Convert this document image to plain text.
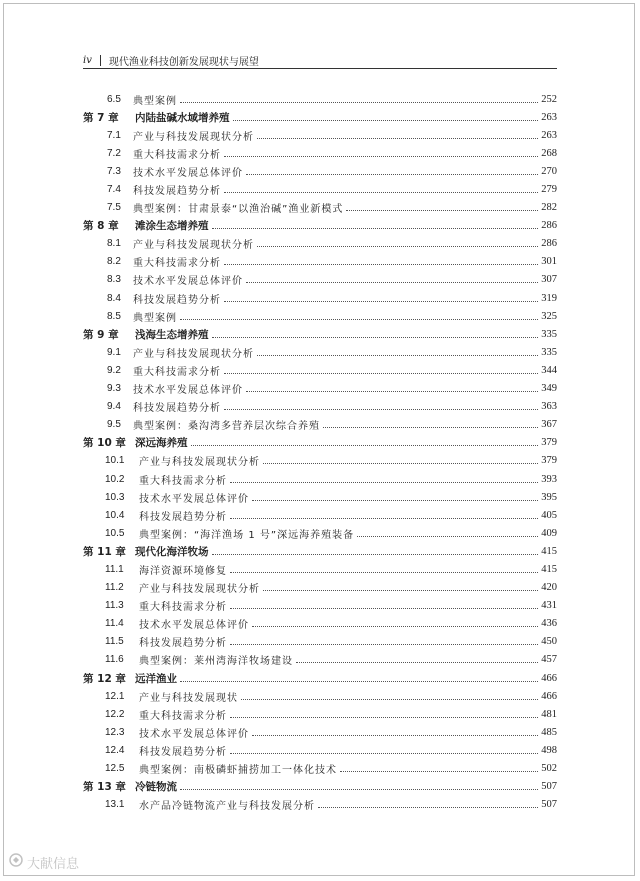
iv 现代渔业科技创新发展现状与展望
6.5	典型案例	252
第 7 章	内陆盐碱水域增养殖	263
7.1	产业与科技发展现状分析	263
7.2	重大科技需求分析	268
7.3	技术水平发展总体评价	270
7.4	科技发展趋势分析	279
7.5	典型案例：甘肃景泰“以渔治碱”渔业新模式	282
第 8 章	滩涂生态增养殖	286
8.1	产业与科技发展现状分析	286
8.2	重大科技需求分析	301
8.3	技术水平发展总体评价	307
8.4	科技发展趋势分析	319
8.5	典型案例	325
第 9 章	浅海生态增养殖	335
9.1	产业与科技发展现状分析	335
9.2	重大科技需求分析	344
9.3	技术水平发展总体评价	349
9.4	科技发展趋势分析	363
9.5	典型案例：桑沟湾多营养层次综合养殖	367
第 10 章 深远海养殖	379
10.1	产业与科技发展现状分析	379
10.2	重大科技需求分析	393
10.3	技术水平发展总体评价	395
10.4	科技发展趋势分析	405
10.5	典型案例：“海洋渔场 1 号”深远海养殖装备	409
第 11 章 现代化海洋牧场	415
11.1	海洋资源环境修复	415
11.2	产业与科技发展现状分析	420
11.3	重大科技需求分析	431
11.4	技术水平发展总体评价	436
11.5	科技发展趋势分析	450
11.6	典型案例：莱州湾海洋牧场建设	457
第 12 章 远洋渔业	466
12.1	产业与科技发展现状	466
12.2	重大科技需求分析	481
12.3	技术水平发展总体评价	485
12.4	科技发展趋势分析	498
12.5	典型案例：南极磷虾捕捞加工一体化技术	502
第 13 章 冷链物流	507
13.1	水产品冷链物流产业与科技发展分析	507
大献信息
